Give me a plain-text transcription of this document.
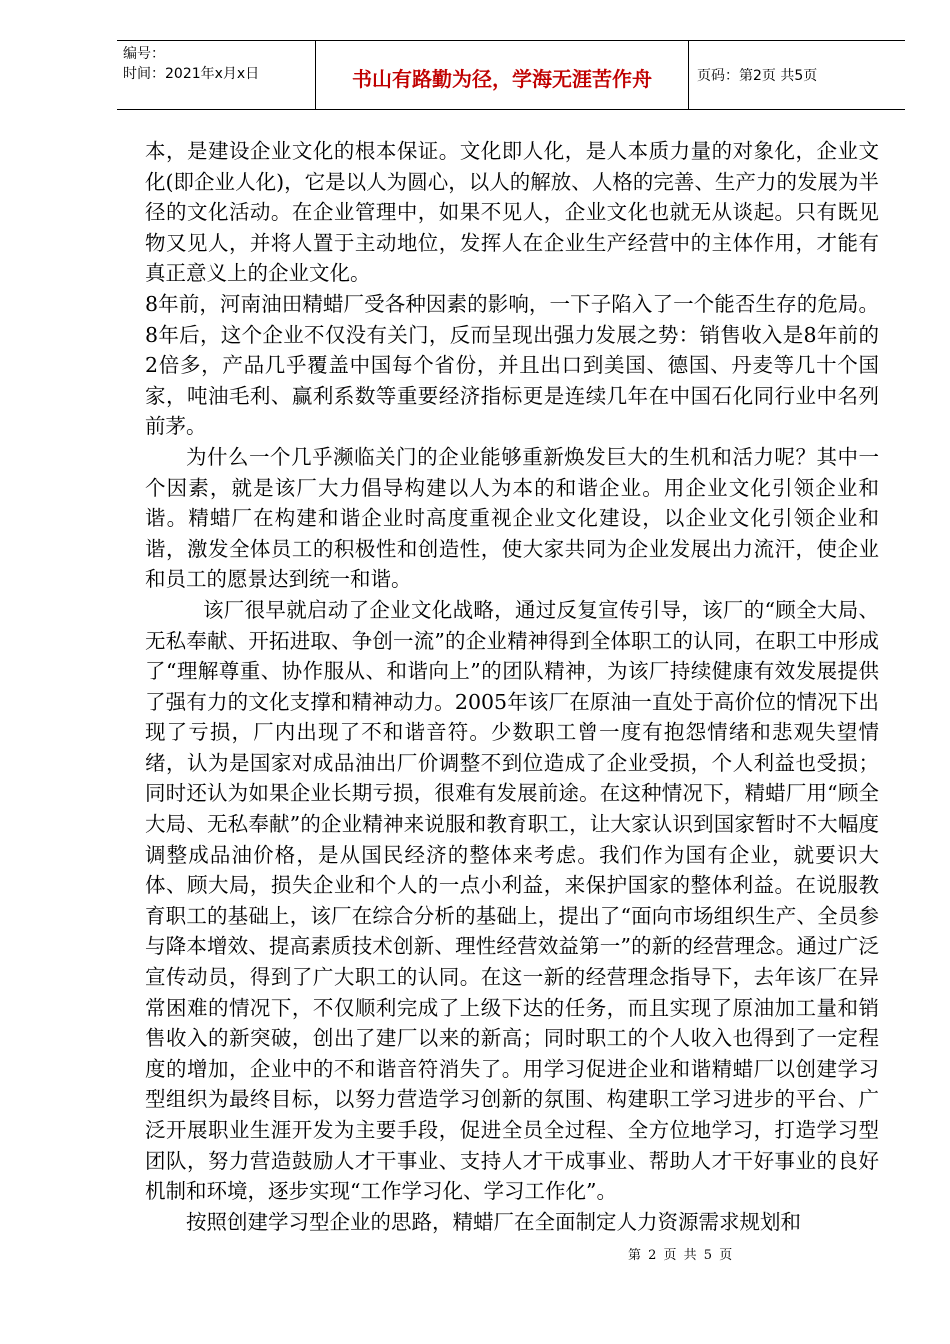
编号：
时间：2021年x月x日	书山有路勤为径，学海无涯苦作舟	页码：第2页 共5页

本，是建设企业文化的根本保证。文化即人化，是人本质力量的对象化，企业文化(即企业人化)，它是以人为圆心，以人的解放、人格的完善、生产力的发展为半径的文化活动。在企业管理中，如果不见人，企业文化也就无从谈起。只有既见物又见人，并将人置于主动地位，发挥人在企业生产经营中的主体作用，才能有真正意义上的企业文化。

8年前，河南油田精蜡厂受各种因素的影响，一下子陷入了一个能否生存的危局。8年后，这个企业不仅没有关门，反而呈现出强力发展之势：销售收入是8年前的2倍多，产品几乎覆盖中国每个省份，并且出口到美国、德国、丹麦等几十个国家，吨油毛利、赢利系数等重要经济指标更是连续几年在中国石化同行业中名列前茅。

为什么一个几乎濒临关门的企业能够重新焕发巨大的生机和活力呢？其中一个因素，就是该厂大力倡导构建以人为本的和谐企业。用企业文化引领企业和谐。精蜡厂在构建和谐企业时高度重视企业文化建设，以企业文化引领企业和谐，激发全体员工的积极性和创造性，使大家共同为企业发展出力流汗，使企业和员工的愿景达到统一和谐。

该厂很早就启动了企业文化战略，通过反复宣传引导，该厂的“顾全大局、无私奉献、开拓进取、争创一流”的企业精神得到全体职工的认同，在职工中形成了“理解尊重、协作服从、和谐向上”的团队精神，为该厂持续健康有效发展提供了强有力的文化支撑和精神动力。2005年该厂在原油一直处于高价位的情况下出现了亏损，厂内出现了不和谐音符。少数职工曾一度有抱怨情绪和悲观失望情绪，认为是国家对成品油出厂价调整不到位造成了企业受损，个人利益也受损；同时还认为如果企业长期亏损，很难有发展前途。在这种情况下，精蜡厂用“顾全大局、无私奉献”的企业精神来说服和教育职工，让大家认识到国家暂时不大幅度调整成品油价格，是从国民经济的整体来考虑。我们作为国有企业，就要识大体、顾大局，损失企业和个人的一点小利益，来保护国家的整体利益。在说服教育职工的基础上，该厂在综合分析的基础上，提出了“面向市场组织生产、全员参与降本增效、提高素质技术创新、理性经营效益第一”的新的经营理念。通过广泛宣传动员，得到了广大职工的认同。在这一新的经营理念指导下，去年该厂在异常困难的情况下，不仅顺利完成了上级下达的任务，而且实现了原油加工量和销售收入的新突破，创出了建厂以来的新高；同时职工的个人收入也得到了一定程度的增加，企业中的不和谐音符消失了。用学习促进企业和谐精蜡厂以创建学习型组织为最终目标，以努力营造学习创新的氛围、构建职工学习进步的平台、广泛开展职业生涯开发为主要手段，促进全员全过程、全方位地学习，打造学习型团队，努力营造鼓励人才干事业、支持人才干成事业、帮助人才干好事业的良好机制和环境，逐步实现“工作学习化、学习工作化”。

按照创建学习型企业的思路，精蜡厂在全面制定人力资源需求规划和

第 2 页 共 5 页
